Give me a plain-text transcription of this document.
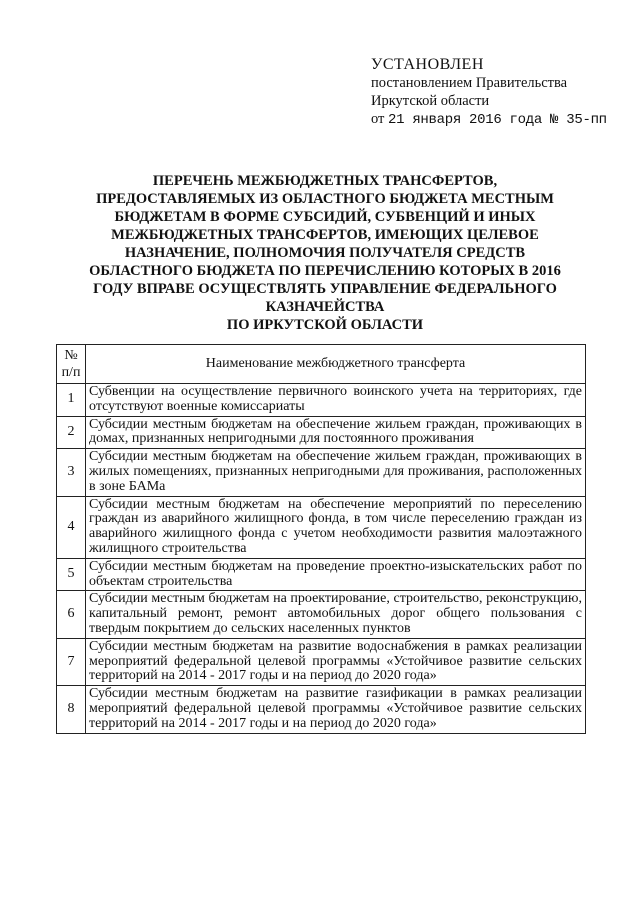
УСТАНОВЛЕН
постановлением Правительства
Иркутской области
от 21 января 2016 года № 35-пп
ПЕРЕЧЕНЬ МЕЖБЮДЖЕТНЫХ ТРАНСФЕРТОВ,
ПРЕДОСТАВЛЯЕМЫХ ИЗ ОБЛАСТНОГО БЮДЖЕТА МЕСТНЫМ
БЮДЖЕТАМ В ФОРМЕ СУБСИДИЙ, СУБВЕНЦИЙ И ИНЫХ
МЕЖБЮДЖЕТНЫХ ТРАНСФЕРТОВ, ИМЕЮЩИХ ЦЕЛЕВОЕ
НАЗНАЧЕНИЕ, ПОЛНОМОЧИЯ ПОЛУЧАТЕЛЯ СРЕДСТВ
ОБЛАСТНОГО БЮДЖЕТА ПО ПЕРЕЧИСЛЕНИЮ КОТОРЫХ В 2016
ГОДУ ВПРАВЕ ОСУЩЕСТВЛЯТЬ УПРАВЛЕНИЕ ФЕДЕРАЛЬНОГО
КАЗНАЧЕЙСТВА
ПО ИРКУТСКОЙ ОБЛАСТИ
№
п/п	Наименование межбюджетного трансферта
1	Субвенции на осуществление первичного воинского учета на территориях, где отсутствуют военные комиссариаты
2	Субсидии местным бюджетам на обеспечение жильем граждан, проживающих в домах, признанных непригодными для постоянного проживания
3	Субсидии местным бюджетам на обеспечение жильем граждан, проживающих в жилых помещениях, признанных непригодными для проживания, расположенных в зоне БАМа
4	Субсидии местным бюджетам на обеспечение мероприятий по переселению граждан из аварийного жилищного фонда, в том числе переселению граждан из аварийного жилищного фонда с учетом необходимости развития малоэтажного жилищного строительства
5	Субсидии местным бюджетам на проведение проектно-изыскательских работ по объектам строительства
6	Субсидии местным бюджетам на проектирование, строительство, реконструкцию, капитальный ремонт, ремонт автомобильных дорог общего пользования с твердым покрытием до сельских населенных пунктов
7	Субсидии местным бюджетам на развитие водоснабжения в рамках реализации мероприятий федеральной целевой программы «Устойчивое развитие сельских территорий на 2014 - 2017 годы и на период до 2020 года»
8	Субсидии местным бюджетам на развитие газификации в рамках реализации мероприятий федеральной целевой программы «Устойчивое развитие сельских территорий на 2014 - 2017 годы и на период до 2020 года»
